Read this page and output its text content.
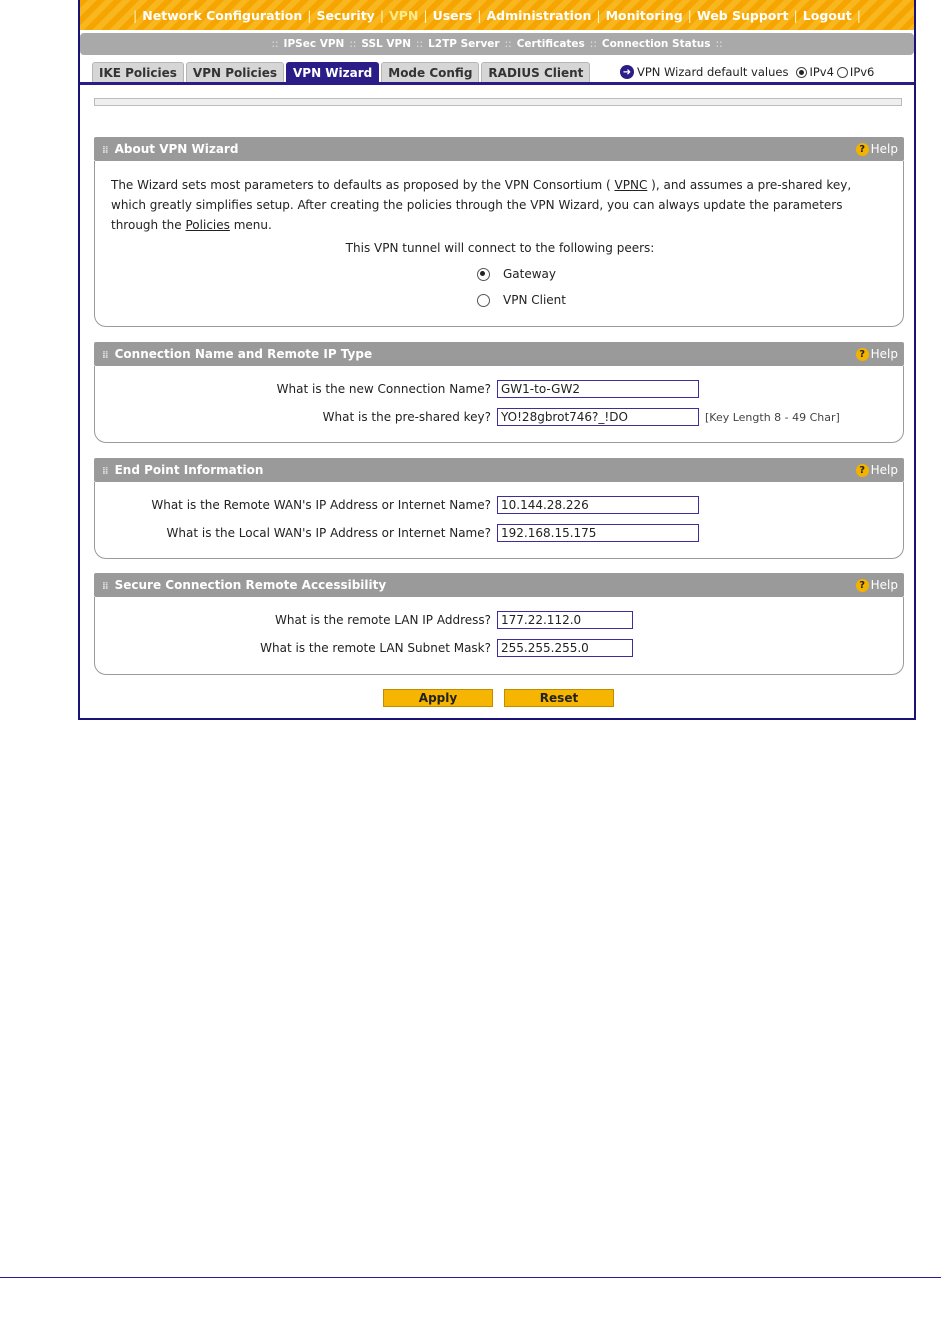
| Network Configuration | Security | VPN | Users | Administration | Monitoring | Web Support | Logout |
:: IPSec VPN :: SSL VPN :: L2TP Server :: Certificates :: Connection Status ::
IKE Policies	VPN Policies	VPN Wizard	Mode Config	RADIUS Client	➜ VPN Wizard default values IPv4 IPv6
⁞⁞ About VPN Wizard	? Help
The Wizard sets most parameters to defaults as proposed by the VPN Consortium ( VPNC ), and assumes a pre-shared key, which greatly simplifies setup. After creating the policies through the VPN Wizard, you can always update the parameters through the Policies menu.
This VPN tunnel will connect to the following peers:
Gateway
VPN Client
⁞⁞ Connection Name and Remote IP Type	? Help
What is the new Connection Name?
GW1-to-GW2
What is the pre-shared key?
YO!28gbrot746?_!DO	[Key Length 8 - 49 Char]
⁞⁞ End Point Information	? Help
What is the Remote WAN's IP Address or Internet Name?
10.144.28.226
What is the Local WAN's IP Address or Internet Name?
192.168.15.175
⁞⁞ Secure Connection Remote Accessibility	? Help
What is the remote LAN IP Address?
177.22.112.0
What is the remote LAN Subnet Mask?
255.255.255.0
Apply	Reset
